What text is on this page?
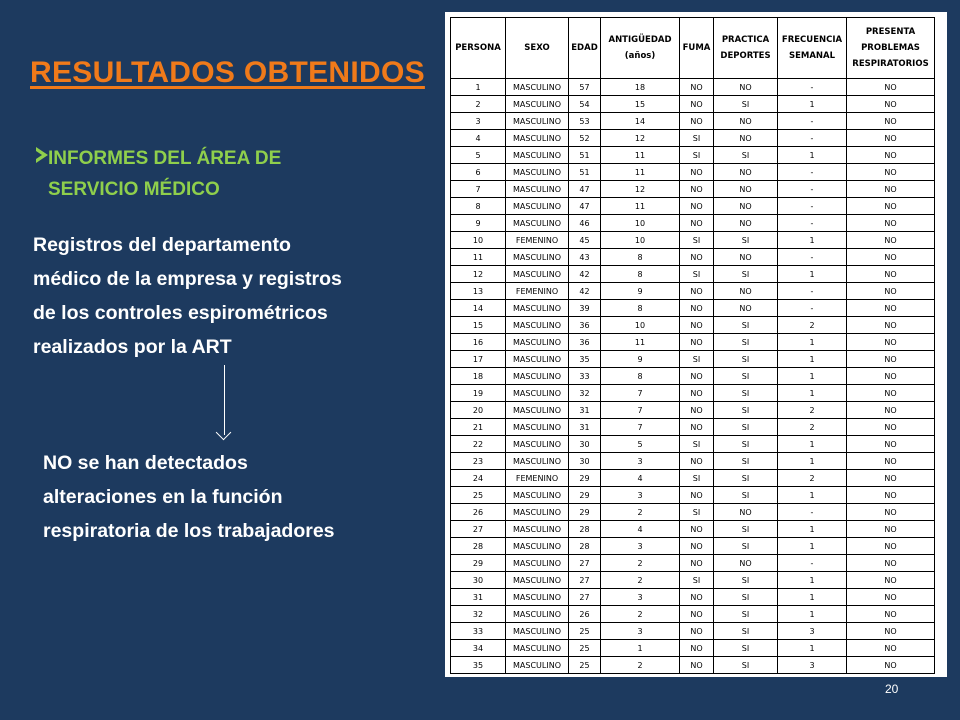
RESULTADOS OBTENIDOS
INFORMES DEL ÁREA DE
SERVICIO MÉDICO
Registros del departamento
médico de la empresa y registros
de los controles espirométricos
realizados por la ART
NO se han detectados
alteraciones en la función
respiratoria de los trabajadores
PERSONA	SEXO	EDAD	ANTIGÜEDAD (años)	FUMA	PRACTICA DEPORTES	FRECUENCIA SEMANAL	PRESENTA PROBLEMAS RESPIRATORIOS
1	MASCULINO	57	18	NO	NO	-	NO
2	MASCULINO	54	15	NO	SI	1	NO
3	MASCULINO	53	14	NO	NO	-	NO
4	MASCULINO	52	12	SI	NO	-	NO
5	MASCULINO	51	11	SI	SI	1	NO
6	MASCULINO	51	11	NO	NO	-	NO
7	MASCULINO	47	12	NO	NO	-	NO
8	MASCULINO	47	11	NO	NO	-	NO
9	MASCULINO	46	10	NO	NO	-	NO
10	FEMENINO	45	10	SI	SI	1	NO
11	MASCULINO	43	8	NO	NO	-	NO
12	MASCULINO	42	8	SI	SI	1	NO
13	FEMENINO	42	9	NO	NO	-	NO
14	MASCULINO	39	8	NO	NO	-	NO
15	MASCULINO	36	10	NO	SI	2	NO
16	MASCULINO	36	11	NO	SI	1	NO
17	MASCULINO	35	9	SI	SI	1	NO
18	MASCULINO	33	8	NO	SI	1	NO
19	MASCULINO	32	7	NO	SI	1	NO
20	MASCULINO	31	7	NO	SI	2	NO
21	MASCULINO	31	7	NO	SI	2	NO
22	MASCULINO	30	5	SI	SI	1	NO
23	MASCULINO	30	3	NO	SI	1	NO
24	FEMENINO	29	4	SI	SI	2	NO
25	MASCULINO	29	3	NO	SI	1	NO
26	MASCULINO	29	2	SI	NO	-	NO
27	MASCULINO	28	4	NO	SI	1	NO
28	MASCULINO	28	3	NO	SI	1	NO
29	MASCULINO	27	2	NO	NO	-	NO
30	MASCULINO	27	2	SI	SI	1	NO
31	MASCULINO	27	3	NO	SI	1	NO
32	MASCULINO	26	2	NO	SI	1	NO
33	MASCULINO	25	3	NO	SI	3	NO
34	MASCULINO	25	1	NO	SI	1	NO
35	MASCULINO	25	2	NO	SI	3	NO
20
